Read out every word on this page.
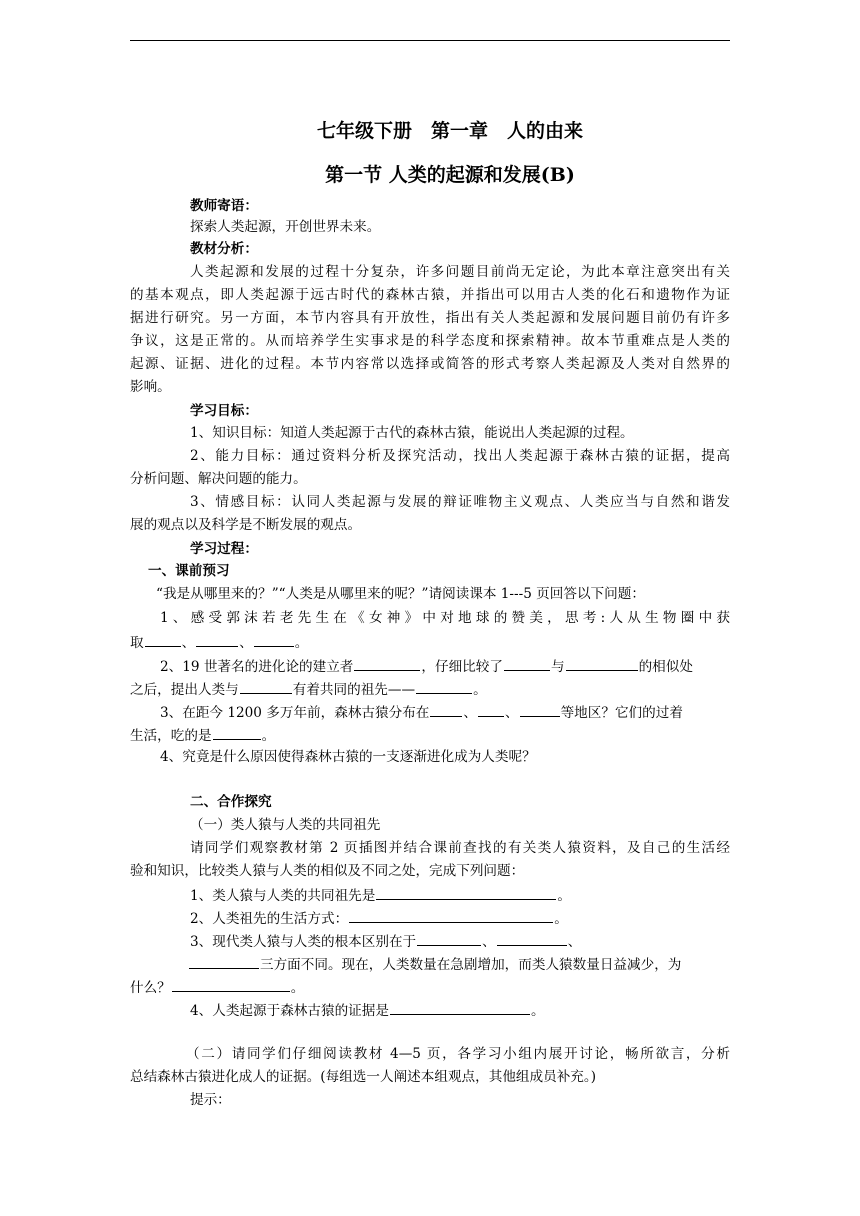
七年级下册　第一章　人的由来
第一节 人类的起源和发展(B)
教师寄语：
探索人类起源，开创世界未来。
教材分析：
人类起源和发展的过程十分复杂，许多问题目前尚无定论，为此本章注意突出有关
的基本观点，即人类起源于远古时代的森林古猿，并指出可以用古人类的化石和遗物作为证
据进行研究。另一方面，本节内容具有开放性，指出有关人类起源和发展问题目前仍有许多
争议，这是正常的。从而培养学生实事求是的科学态度和探索精神。故本节重难点是人类的
起源、证据、进化的过程。本节内容常以选择或简答的形式考察人类起源及人类对自然界的
影响。
学习目标：
1、知识目标：知道人类起源于古代的森林古猿，能说出人类起源的过程。
2、能力目标：通过资料分析及探究活动，找出人类起源于森林古猿的证据，提高
分析问题、解决问题的能力。
3、情感目标：认同人类起源与发展的辩证唯物主义观点、人类应当与自然和谐发
展的观点以及科学是不断发展的观点。
学习过程：
一、课前预习
“我是从哪里来的？”“人类是从哪里来的呢？”请阅读课本 1---5 页回答以下问题：
1、感受郭沫若老先生在《女神》中对地球的赞美，思考:人从生物圈中获
取	、	、	。
2、19 世著名的进化论的建立者	，仔细比较了	与	的相似处
之后，提出人类与	有着共同的祖先——	。
3、在距今 1200 多万年前，森林古猿分布在	、 、	等地区？它们的过着
生活，吃的是	。
4、究竟是什么原因使得森林古猿的一支逐渐进化成为人类呢？
二、合作探究
（一）类人猿与人类的共同祖先
请同学们观察教材第 2 页插图并结合课前查找的有关类人猿资料，及自己的生活经
验和知识，比较类人猿与人类的相似及不同之处，完成下列问题：
1、类人猿与人类的共同祖先是	。
2、人类祖先的生活方式：	。
3、现代类人猿与人类的根本区别在于	、	、
三方面不同。现在，人类数量在急剧增加，而类人猿数量日益减少，为
什么？	。
4、人类起源于森林古猿的证据是	。
（二）请同学们仔细阅读教材 4—5 页，各学习小组内展开讨论，畅所欲言，分析
总结森林古猿进化成人的证据。(每组选一人阐述本组观点，其他组成员补充。)
提示：
